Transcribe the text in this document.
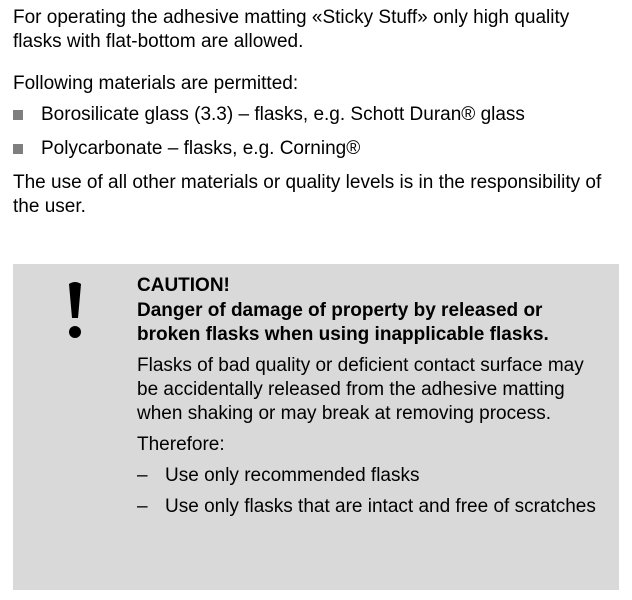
For operating the adhesive matting «Sticky Stuff» only high quality flasks with flat-bottom are allowed.

Following materials are permitted:

Borosilicate glass (3.3) – flasks, e.g. Schott Duran® glass
Polycarbonate – flasks, e.g. Corning®

The use of all other materials or quality levels is in the responsibility of the user.

CAUTION!

Danger of damage of property by released or broken flasks when using inapplicable flasks.

Flasks of bad quality or deficient contact surface may be accidentally released from the adhesive matting when shaking or may break at removing process.

Therefore:

– Use only recommended flasks
– Use only flasks that are intact and free of scratches
